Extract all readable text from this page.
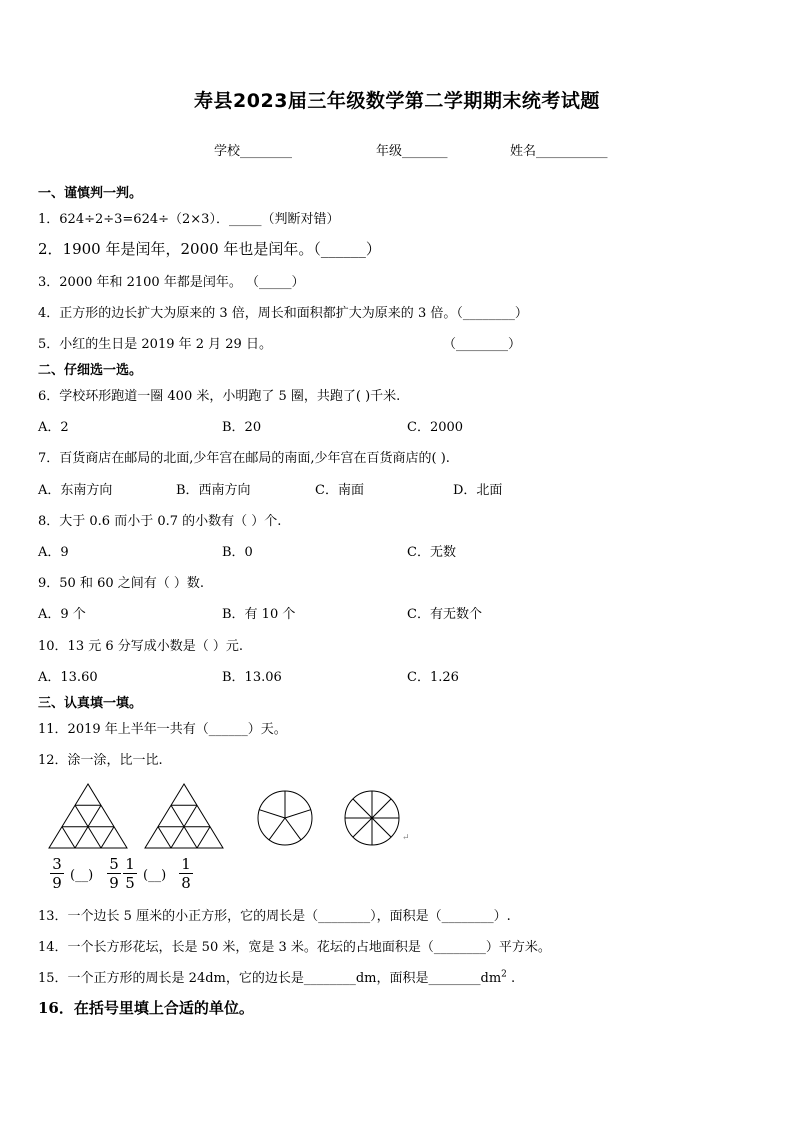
寿县2023届三年级数学第二学期期末统考试题
学校________	年级_______	姓名___________
一、谨慎判一判。
1．624÷2÷3=624÷（2×3）．_____（判断对错）
2．1900 年是闰年，2000 年也是闰年。（______）
3．2000 年和 2100 年都是闰年。 （_____）
4．正方形的边长扩大为原来的 3 倍，周长和面积都扩大为原来的 3 倍。（________）
5．小红的生日是 2019 年 2 月 29 日。	（________）
二、仔细选一选。
6．学校环形跑道一圈 400 米，小明跑了 5 圈，共跑了( )千米.
A．2	B．20	C．2000
7．百货商店在邮局的北面,少年宫在邮局的南面,少年宫在百货商店的( ).
A．东南方向	B．西南方向	C．南面	D．北面
8．大于 0.6 而小于 0.7 的小数有（ ）个.
A．9	B．0	C．无数
9．50 和 60 之间有（ ）数.
A．9 个	B．有 10 个	C．有无数个
10．13 元 6 分写成小数是（ ）元.
A．13.60	B．13.06	C．1.26
三、认真填一填。
11．2019 年上半年一共有（______）天。
12．涂一涂，比一比.
↵
3
9 (__)
5
9
1
5 (__)
1
8
13．一个边长 5 厘米的小正方形，它的周长是（________），面积是（________）.
14．一个长方形花坛，长是 50 米，宽是 3 米。花坛的占地面积是（________）平方米。
15．一个正方形的周长是 24dm，它的边长是________dm，面积是$\_\_\_\_\_\_\_\_dm^2$ .
16．在括号里填上合适的单位。
